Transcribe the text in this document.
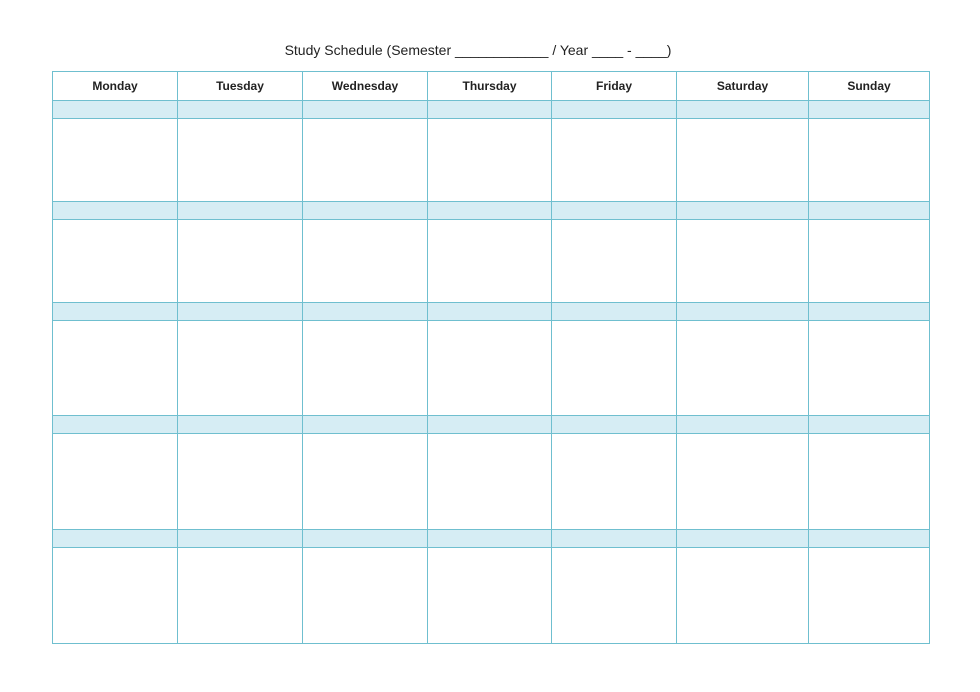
Study Schedule (Semester ____________ / Year ____ - ____)
Monday	Tuesday	Wednesday	Thursday	Friday	Saturday	Sunday
